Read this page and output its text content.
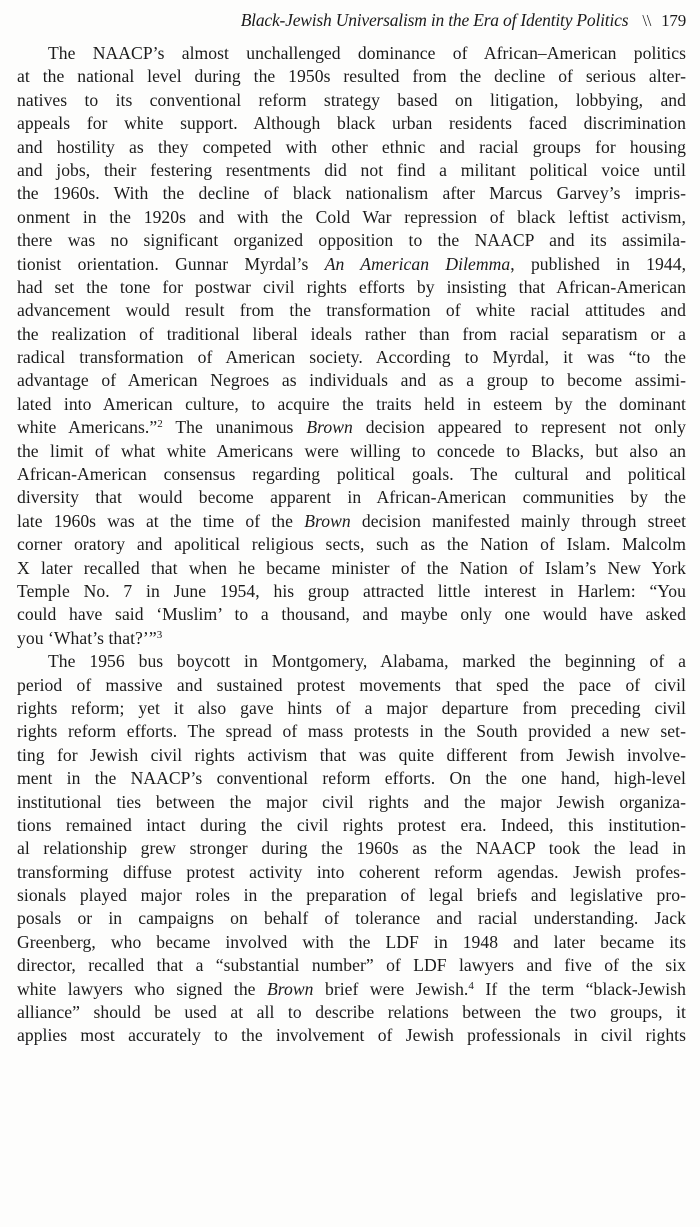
Black-Jewish Universalism in the Era of Identity Politics \\ 179
The NAACP’s almost unchallenged dominance of African–American politics
at the national level during the 1950s resulted from the decline of serious alter-
natives to its conventional reform strategy based on litigation, lobbying, and
appeals for white support. Although black urban residents faced discrimination
and hostility as they competed with other ethnic and racial groups for housing
and jobs, their festering resentments did not find a militant political voice until
the 1960s. With the decline of black nationalism after Marcus Garvey’s impris-
onment in the 1920s and with the Cold War repression of black leftist activism,
there was no significant organized opposition to the NAACP and its assimila-
tionist orientation. Gunnar Myrdal’s An American Dilemma, published in 1944,
had set the tone for postwar civil rights efforts by insisting that African-American
advancement would result from the transformation of white racial attitudes and
the realization of traditional liberal ideals rather than from racial separatism or a
radical transformation of American society. According to Myrdal, it was “to the
advantage of American Negroes as individuals and as a group to become assimi-
lated into American culture, to acquire the traits held in esteem by the dominant
white Americans.”$^2$ The unanimous Brown decision appeared to represent not only
the limit of what white Americans were willing to concede to Blacks, but also an
African-American consensus regarding political goals. The cultural and political
diversity that would become apparent in African-American communities by the
late 1960s was at the time of the Brown decision manifested mainly through street
corner oratory and apolitical religious sects, such as the Nation of Islam. Malcolm
X later recalled that when he became minister of the Nation of Islam’s New York
Temple No. 7 in June 1954, his group attracted little interest in Harlem: “You
could have said ‘Muslim’ to a thousand, and maybe only one would have asked
you ‘What’s that?’”$^3$
The 1956 bus boycott in Montgomery, Alabama, marked the beginning of a
period of massive and sustained protest movements that sped the pace of civil
rights reform; yet it also gave hints of a major departure from preceding civil
rights reform efforts. The spread of mass protests in the South provided a new set-
ting for Jewish civil rights activism that was quite different from Jewish involve-
ment in the NAACP’s conventional reform efforts. On the one hand, high-level
institutional ties between the major civil rights and the major Jewish organiza-
tions remained intact during the civil rights protest era. Indeed, this institution-
al relationship grew stronger during the 1960s as the NAACP took the lead in
transforming diffuse protest activity into coherent reform agendas. Jewish profes-
sionals played major roles in the preparation of legal briefs and legislative pro-
posals or in campaigns on behalf of tolerance and racial understanding. Jack
Greenberg, who became involved with the LDF in 1948 and later became its
director, recalled that a “substantial number” of LDF lawyers and five of the six
white lawyers who signed the Brown brief were Jewish.$^4$ If the term “black-Jewish
alliance” should be used at all to describe relations between the two groups, it
applies most accurately to the involvement of Jewish professionals in civil rights
